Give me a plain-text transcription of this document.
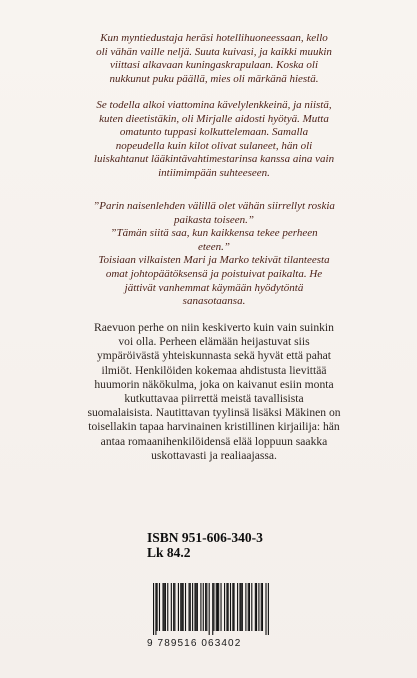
Kun myntiedustaja heräsi hotellihuoneessaan, kello
oli vähän vaille neljä. Suuta kuivasi, ja kaikki muukin
viittasi alkavaan kuningaskrapulaan. Koska oli
nukkunut puku päällä, mies oli märkänä hiestä.

Se todella alkoi viattomina kävelylenkkeinä, ja niistä,
kuten dieetistäkin, oli Mirjalle aidosti hyötyä. Mutta
omatunto tuppasi kolkuttelemaan. Samalla
nopeudella kuin kilot olivat sulaneet, hän oli
luiskahtanut lääkintävahtimestarinsa kanssa aina vain
intiimimpään suhteeseen.

”Parin naisenlehden välillä olet vähän siirrellyt roskia
paikasta toiseen.”
”Tämän siitä saa, kun kaikkensa tekee perheen
eteen.”
Toisiaan vilkaisten Mari ja Marko tekivät tilanteesta
omat johtopäätöksensä ja poistuivat paikalta. He
jättivät vanhemmat käymään hyödytöntä
sanasotaansa.

Raevuon perhe on niin keskiverto kuin vain suinkin
voi olla. Perheen elämään heijastuvat siis
ympäröivästä yhteiskunnasta sekä hyvät että pahat
ilmiöt. Henkilöiden kokemaa ahdistusta lievittää
huumorin näkökulma, joka on kaivanut esiin monta
kutkuttavaa piirrettä meistä tavallisista
suomalaisista. Nautittavan tyylinsä lisäksi Mäkinen on
toisellakin tapaa harvinainen kristillinen kirjailija: hän
antaa romaanihenkilöidensä elää loppuun saakka
uskottavasti ja realiaajassa.

ISBN 951-606-340-3
Lk 84.2
9 789516 063402
